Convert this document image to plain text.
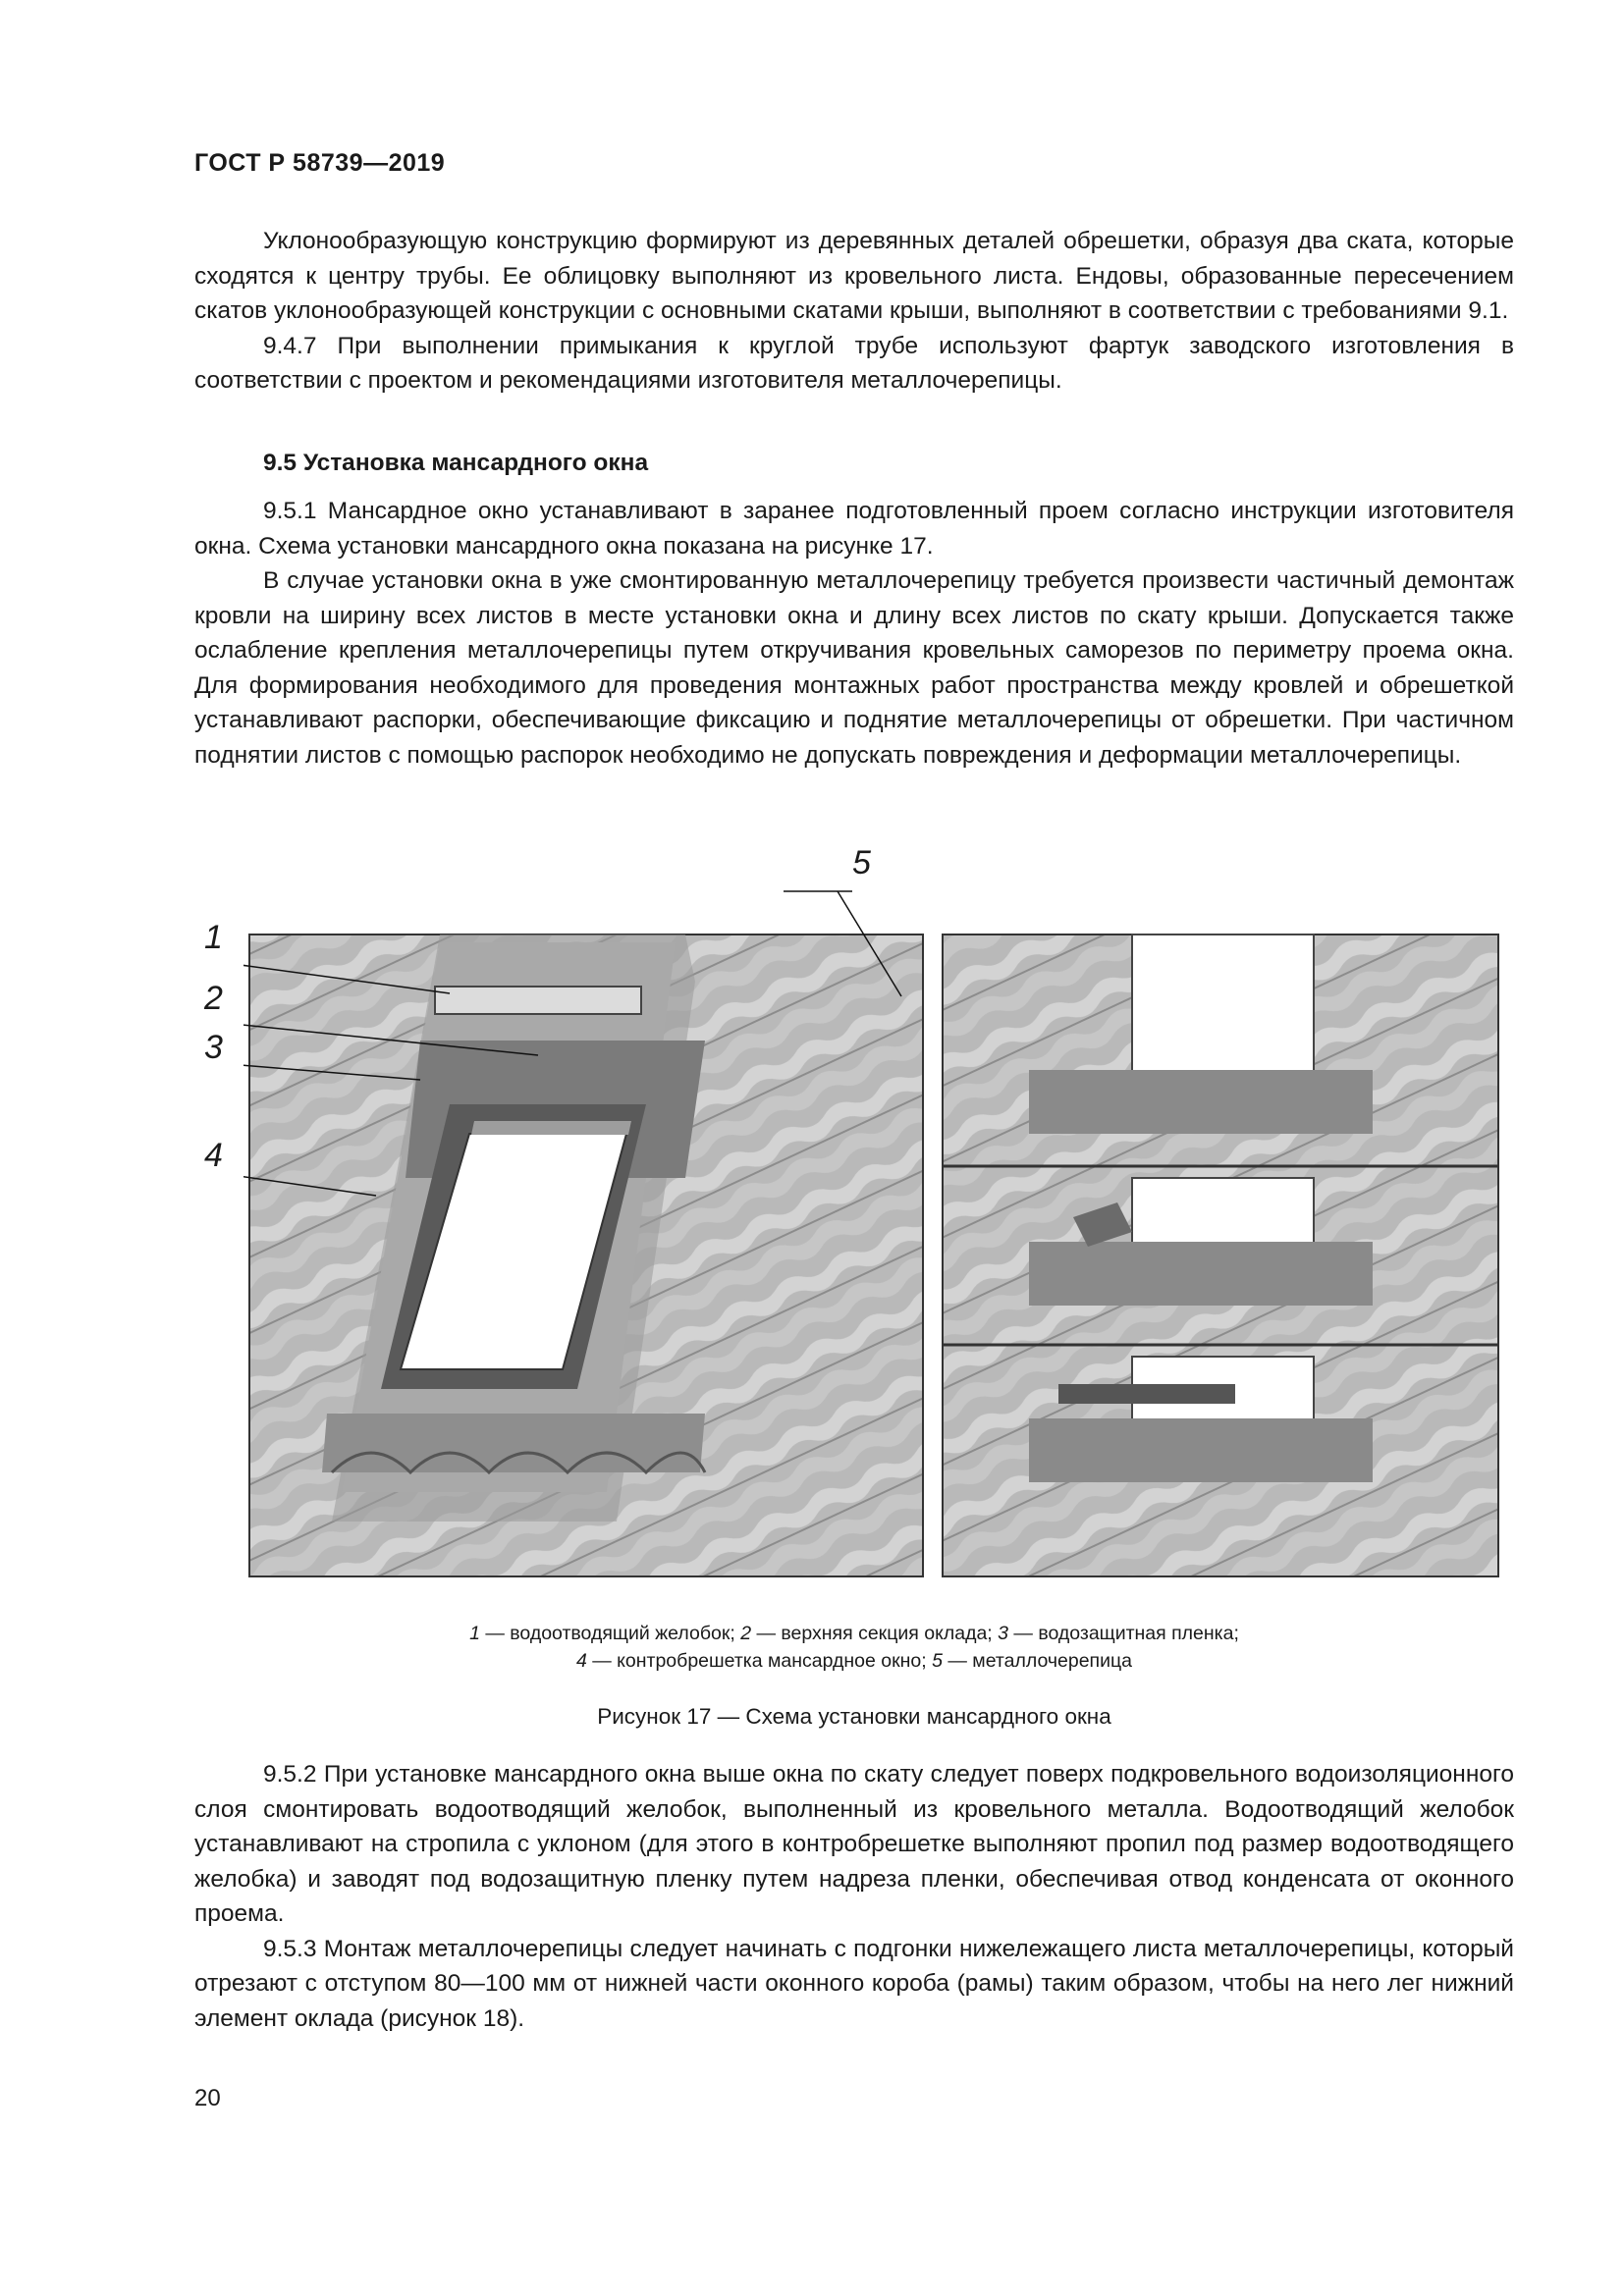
ГОСТ Р 58739—2019

Уклонообразующую конструкцию формируют из деревянных деталей обрешетки, образуя два ската, которые сходятся к центру трубы. Ее облицовку выполняют из кровельного листа. Ендовы, образованные пересечением скатов уклонообразующей конструкции с основными скатами крыши, выполняют в соответствии с требованиями 9.1.

9.4.7 При выполнении примыкания к круглой трубе используют фартук заводского изготовления в соответствии с проектом и рекомендациями изготовителя металлочерепицы.

9.5 Установка мансардного окна

9.5.1 Мансардное окно устанавливают в заранее подготовленный проем согласно инструкции изготовителя окна. Схема установки мансардного окна показана на рисунке 17.

В случае установки окна в уже смонтированную металлочерепицу требуется произвести частичный демонтаж кровли на ширину всех листов в месте установки окна и длину всех листов по скату крыши. Допускается также ослабление крепления металлочерепицы путем откручивания кровельных саморезов по периметру проема окна. Для формирования необходимого для проведения монтажных работ пространства между кровлей и обрешеткой устанавливают распорки, обеспечивающие фиксацию и поднятие металлочерепицы от обрешетки. При частичном поднятии листов с помощью распорок необходимо не допускать повреждения и деформации металлочерепицы.

1
2
3
4
5
1 — водоотводящий желобок; 2 — верхняя секция оклада; 3 — водозащитная пленка;
4 — контробрешетка мансардное окно; 5 — металлочерепица
Рисунок 17 — Схема установки мансардного окна

9.5.2 При установке мансардного окна выше окна по скату следует поверх подкровельного водоизоляционного слоя смонтировать водоотводящий желобок, выполненный из кровельного металла. Водоотводящий желобок устанавливают на стропила с уклоном (для этого в контробрешетке выполняют пропил под размер водоотводящего желобка) и заводят под водозащитную пленку путем надреза пленки, обеспечивая отвод конденсата от оконного проема.

9.5.3 Монтаж металлочерепицы следует начинать с подгонки нижележащего листа металлочерепицы, который отрезают с отступом 80—100 мм от нижней части оконного короба (рамы) таким образом, чтобы на него лег нижний элемент оклада (рисунок 18).

20
